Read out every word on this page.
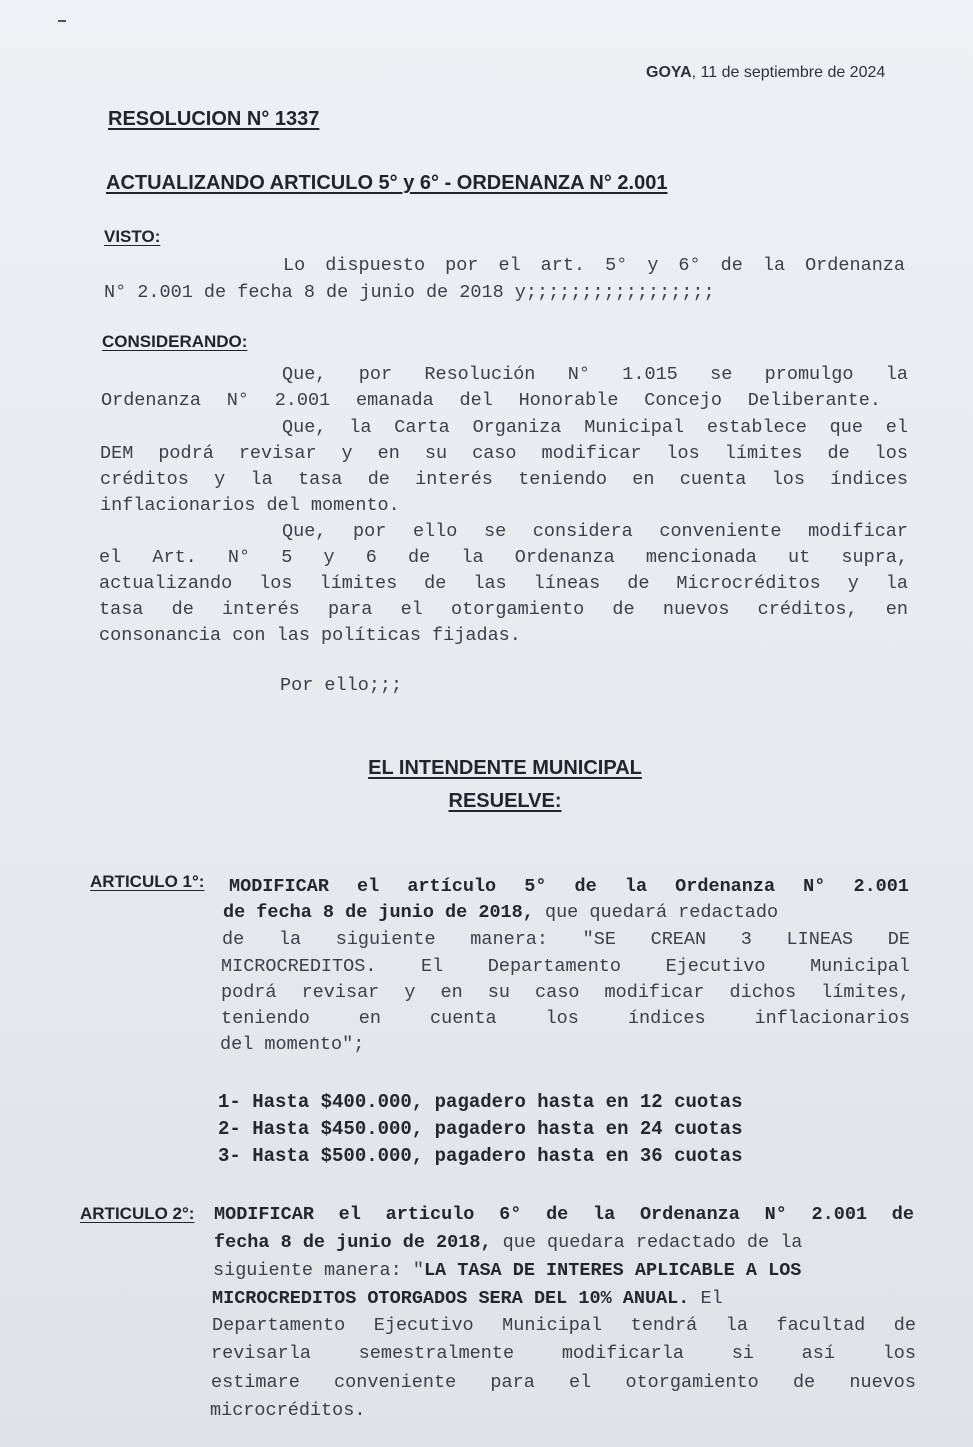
GOYA, 11 de septiembre de 2024
RESOLUCION N° 1337
ACTUALIZANDO ARTICULO 5° y 6° - ORDENANZA N° 2.001
VISTO:
Lo dispuesto por el art. 5° y 6° de la Ordenanza
N° 2.001 de fecha 8 de junio de 2018 y;;;;;;;;;;;;;;;;;
CONSIDERANDO:
Que, por Resolución N° 1.015 se promulgo la
Ordenanza N° 2.001 emanada del Honorable Concejo Deliberante.
Que, la Carta Organiza Municipal establece que el
DEM podrá revisar y en su caso modificar los límites de los
créditos y la tasa de interés teniendo en cuenta los índices
inflacionarios del momento.
Que, por ello se considera conveniente modificar
el Art. N° 5 y 6 de la Ordenanza mencionada ut supra,
actualizando los límites de las líneas de Microcréditos y la
tasa de interés para el otorgamiento de nuevos créditos, en
consonancia con las políticas fijadas.
Por ello;;;
EL INTENDENTE MUNICIPAL
RESUELVE:
ARTICULO 1°: MODIFICAR el artículo 5° de la Ordenanza N° 2.001
de fecha 8 de junio de 2018, que quedará redactado
de la siguiente manera: "SE CREAN 3 LINEAS DE
MICROCREDITOS. El Departamento Ejecutivo Municipal
podrá revisar y en su caso modificar dichos límites,
teniendo en cuenta los índices inflacionarios
del momento";
1- Hasta $400.000, pagadero hasta en 12 cuotas
2- Hasta $450.000, pagadero hasta en 24 cuotas
3- Hasta $500.000, pagadero hasta en 36 cuotas
ARTICULO 2°: MODIFICAR el articulo 6° de la Ordenanza N° 2.001 de
fecha 8 de junio de 2018, que quedara redactado de la
siguiente manera: "LA TASA DE INTERES APLICABLE A LOS
MICROCREDITOS OTORGADOS SERA DEL 10% ANUAL. El
Departamento Ejecutivo Municipal tendrá la facultad de
revisarla semestralmente modificarla si así los
estimare conveniente para el otorgamiento de nuevos
microcréditos.
